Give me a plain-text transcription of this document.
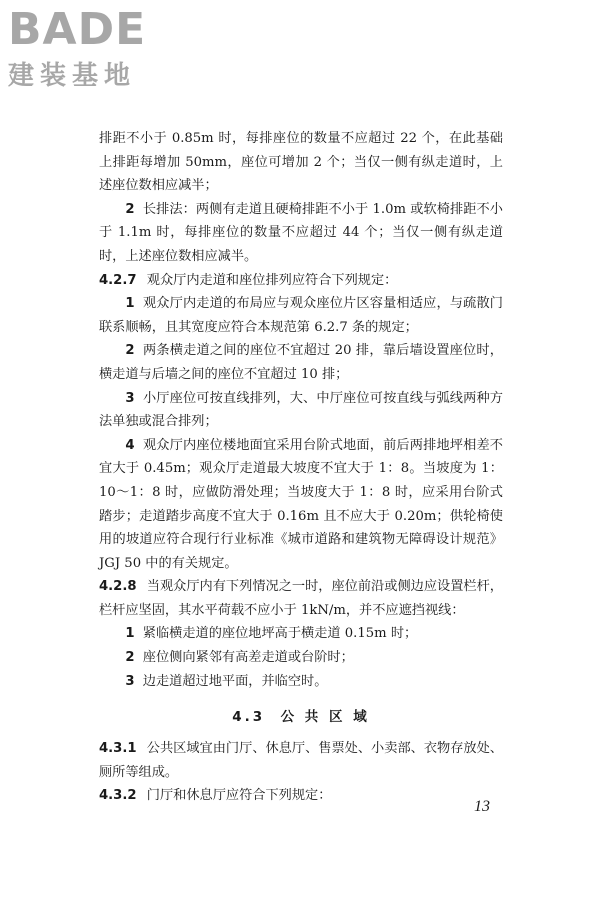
BADE
建装基地

排距不小于 0.85m 时，每排座位的数量不应超过 22 个，在此基础上排距每增加 50mm，座位可增加 2 个；当仅一侧有纵走道时，上述座位数相应减半；

2 长排法：两侧有走道且硬椅排距不小于 1.0m 或软椅排距不小于 1.1m 时，每排座位的数量不应超过 44 个；当仅一侧有纵走道时，上述座位数相应减半。

4.2.7 观众厅内走道和座位排列应符合下列规定：

1 观众厅内走道的布局应与观众座位片区容量相适应，与疏散门联系顺畅，且其宽度应符合本规范第 6.2.7 条的规定；

2 两条横走道之间的座位不宜超过 20 排，靠后墙设置座位时，横走道与后墙之间的座位不宜超过 10 排；

3 小厅座位可按直线排列，大、中厅座位可按直线与弧线两种方法单独或混合排列；

4 观众厅内座位楼地面宜采用台阶式地面，前后两排地坪相差不宜大于 0.45m；观众厅走道最大坡度不宜大于 1：8。当坡度为 1：10～1：8 时，应做防滑处理；当坡度大于 1：8 时，应采用台阶式踏步；走道踏步高度不宜大于 0.16m 且不应大于 0.20m；供轮椅使用的坡道应符合现行行业标准《城市道路和建筑物无障碍设计规范》JGJ 50 中的有关规定。

4.2.8 当观众厅内有下列情况之一时，座位前沿或侧边应设置栏杆，栏杆应坚固，其水平荷载不应小于 1kN/m，并不应遮挡视线：

1 紧临横走道的座位地坪高于横走道 0.15m 时；

2 座位侧向紧邻有高差走道或台阶时；

3 边走道超过地平面，并临空时。

4.3 公 共 区 域

4.3.1 公共区域宜由门厅、休息厅、售票处、小卖部、衣物存放处、厕所等组成。

4.3.2 门厅和休息厅应符合下列规定：

13
